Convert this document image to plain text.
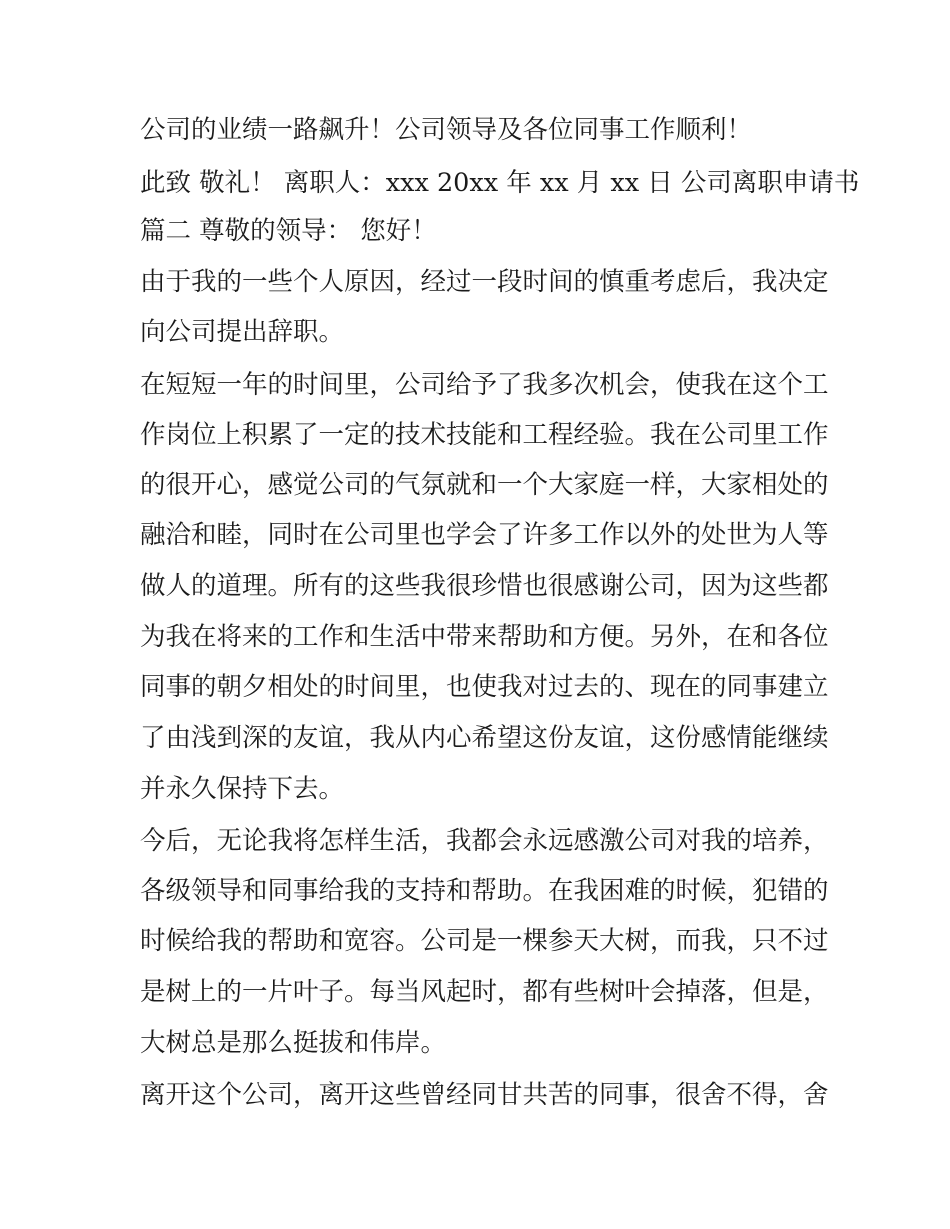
公司的业绩一路飙升！公司领导及各位同事工作顺利！

此致 敬礼！ 离职人：xxx 20xx 年 xx 月 xx 日 公司离职申请书

篇二 尊敬的领导： 您好！

由于我的一些个人原因，经过一段时间的慎重考虑后，我决定

向公司提出辞职。

在短短一年的时间里，公司给予了我多次机会，使我在这个工

作岗位上积累了一定的技术技能和工程经验。我在公司里工作

的很开心，感觉公司的气氛就和一个大家庭一样，大家相处的

融洽和睦，同时在公司里也学会了许多工作以外的处世为人等

做人的道理。所有的这些我很珍惜也很感谢公司，因为这些都

为我在将来的工作和生活中带来帮助和方便。另外，在和各位

同事的朝夕相处的时间里，也使我对过去的、现在的同事建立

了由浅到深的友谊，我从内心希望这份友谊，这份感情能继续

并永久保持下去。

今后，无论我将怎样生活，我都会永远感激公司对我的培养，

各级领导和同事给我的支持和帮助。在我困难的时候，犯错的

时候给我的帮助和宽容。公司是一棵参天大树，而我，只不过

是树上的一片叶子。每当风起时，都有些树叶会掉落，但是，

大树总是那么挺拔和伟岸。

离开这个公司，离开这些曾经同甘共苦的同事，很舍不得，舍
